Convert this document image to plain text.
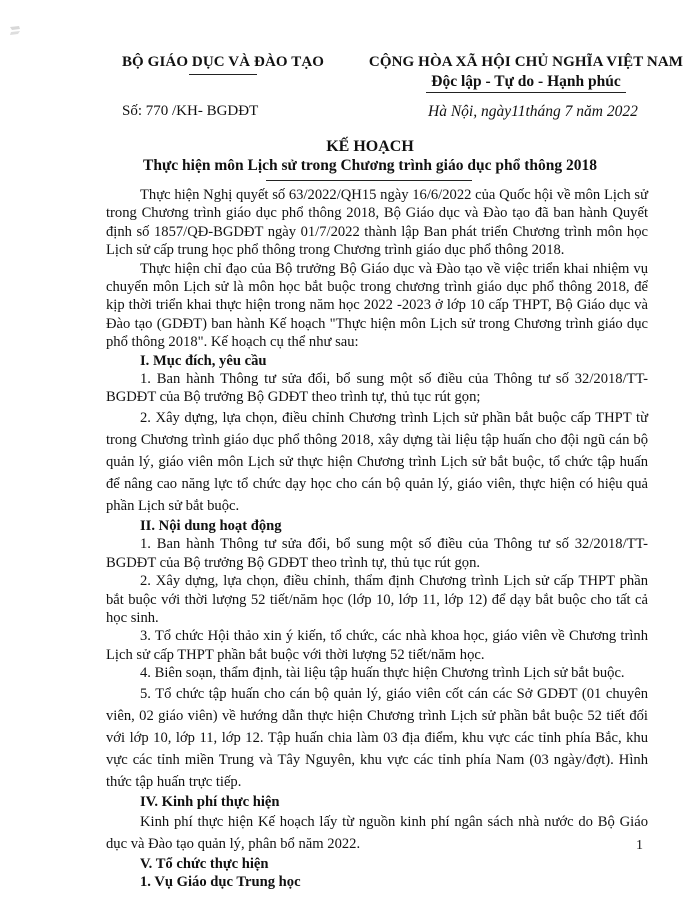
BỘ GIÁO DỤC VÀ ĐÀO TẠO	CỘNG HÒA XÃ HỘI CHỦ NGHĨA VIỆT NAM
Độc lập - Tự do - Hạnh phúc
Số: 770 /KH- BGDĐT	Hà Nội, ngày11tháng 7 năm 2022
KẾ HOẠCH
Thực hiện môn Lịch sử trong Chương trình giáo dục phổ thông 2018

Thực hiện Nghị quyết số 63/2022/QH15 ngày 16/6/2022 của Quốc hội về môn Lịch sử trong Chương trình giáo dục phổ thông 2018, Bộ Giáo dục và Đào tạo đã ban hành Quyết định số 1857/QĐ-BGDĐT ngày 01/7/2022 thành lập Ban phát triển Chương trình môn học Lịch sử cấp trung học phổ thông trong Chương trình giáo dục phổ thông 2018.

Thực hiện chỉ đạo của Bộ trưởng Bộ Giáo dục và Đào tạo về việc triển khai nhiệm vụ chuyển môn Lịch sử là môn học bắt buộc trong chương trình giáo dục phổ thông 2018, để kịp thời triển khai thực hiện trong năm học 2022 -2023 ở lớp 10 cấp THPT, Bộ Giáo dục và Đào tạo (GDĐT) ban hành Kế hoạch "Thực hiện môn Lịch sử trong Chương trình giáo dục phổ thông 2018". Kế hoạch cụ thể như sau:

I. Mục đích, yêu cầu

1. Ban hành Thông tư sửa đổi, bổ sung một số điều của Thông tư số 32/2018/TT-BGDĐT của Bộ trưởng Bộ GDĐT theo trình tự, thủ tục rút gọn;

2. Xây dựng, lựa chọn, điều chỉnh Chương trình Lịch sử phần bắt buộc cấp THPT từ trong Chương trình giáo dục phổ thông 2018, xây dựng tài liệu tập huấn cho đội ngũ cán bộ quản lý, giáo viên môn Lịch sử thực hiện Chương trình Lịch sử bắt buộc, tổ chức tập huấn để nâng cao năng lực tổ chức dạy học cho cán bộ quản lý, giáo viên, thực hiện có hiệu quả phần Lịch sử bắt buộc.

II. Nội dung hoạt động

1. Ban hành Thông tư sửa đổi, bổ sung một số điều của Thông tư số 32/2018/TT-BGDĐT của Bộ trưởng Bộ GDĐT theo trình tự, thủ tục rút gọn.

2. Xây dựng, lựa chọn, điều chỉnh, thẩm định Chương trình Lịch sử cấp THPT phần bắt buộc với thời lượng 52 tiết/năm học (lớp 10, lớp 11, lớp 12) để dạy bắt buộc cho tất cả học sinh.

3. Tổ chức Hội thảo xin ý kiến, tổ chức, các nhà khoa học, giáo viên về Chương trình Lịch sử cấp THPT phần bắt buộc với thời lượng 52 tiết/năm học.

4. Biên soạn, thẩm định, tài liệu tập huấn thực hiện Chương trình Lịch sử bắt buộc.

5. Tổ chức tập huấn cho cán bộ quản lý, giáo viên cốt cán các Sở GDĐT (01 chuyên viên, 02 giáo viên) về hướng dẫn thực hiện Chương trình Lịch sử phần bắt buộc 52 tiết đối với lớp 10, lớp 11, lớp 12. Tập huấn chia làm 03 địa điểm, khu vực các tỉnh phía Bắc, khu vực các tỉnh miền Trung và Tây Nguyên, khu vực các tỉnh phía Nam (03 ngày/đợt). Hình thức tập huấn trực tiếp.

IV. Kinh phí thực hiện

Kinh phí thực hiện Kế hoạch lấy từ nguồn kinh phí ngân sách nhà nước do Bộ Giáo dục và Đào tạo quản lý, phân bổ năm 2022.

V. Tổ chức thực hiện
1. Vụ Giáo dục Trung học
1
